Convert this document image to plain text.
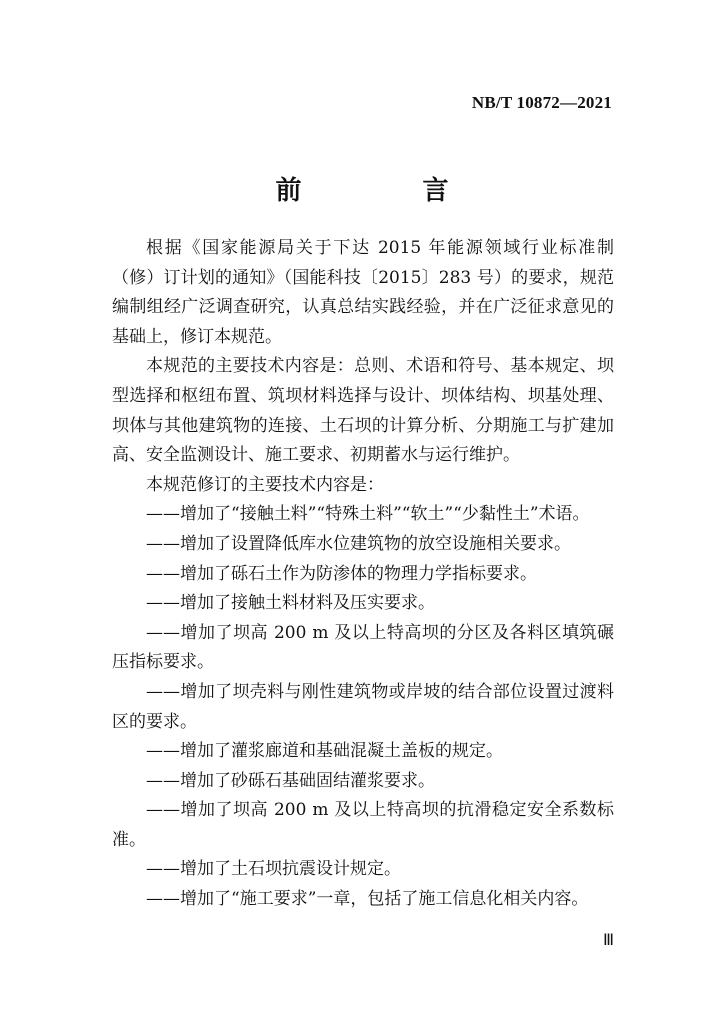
NB/T 10872—2021
前 言

根据《国家能源局关于下达 2015 年能源领域行业标准制（修）订计划的通知》（国能科技〔2015〕283 号）的要求，规范编制组经广泛调查研究，认真总结实践经验，并在广泛征求意见的基础上，修订本规范。

本规范的主要技术内容是：总则、术语和符号、基本规定、坝型选择和枢纽布置、筑坝材料选择与设计、坝体结构、坝基处理、坝体与其他建筑物的连接、土石坝的计算分析、分期施工与扩建加高、安全监测设计、施工要求、初期蓄水与运行维护。

本规范修订的主要技术内容是：

——增加了“接触土料”“特殊土料”“软土”“少黏性土”术语。

——增加了设置降低库水位建筑物的放空设施相关要求。

——增加了砾石土作为防渗体的物理力学指标要求。

——增加了接触土料材料及压实要求。

——增加了坝高 200 m 及以上特高坝的分区及各料区填筑碾压指标要求。

——增加了坝壳料与刚性建筑物或岸坡的结合部位设置过渡料区的要求。

——增加了灌浆廊道和基础混凝土盖板的规定。

——增加了砂砾石基础固结灌浆要求。

——增加了坝高 200 m 及以上特高坝的抗滑稳定安全系数标准。

——增加了土石坝抗震设计规定。

——增加了“施工要求”一章，包括了施工信息化相关内容。

Ⅲ
